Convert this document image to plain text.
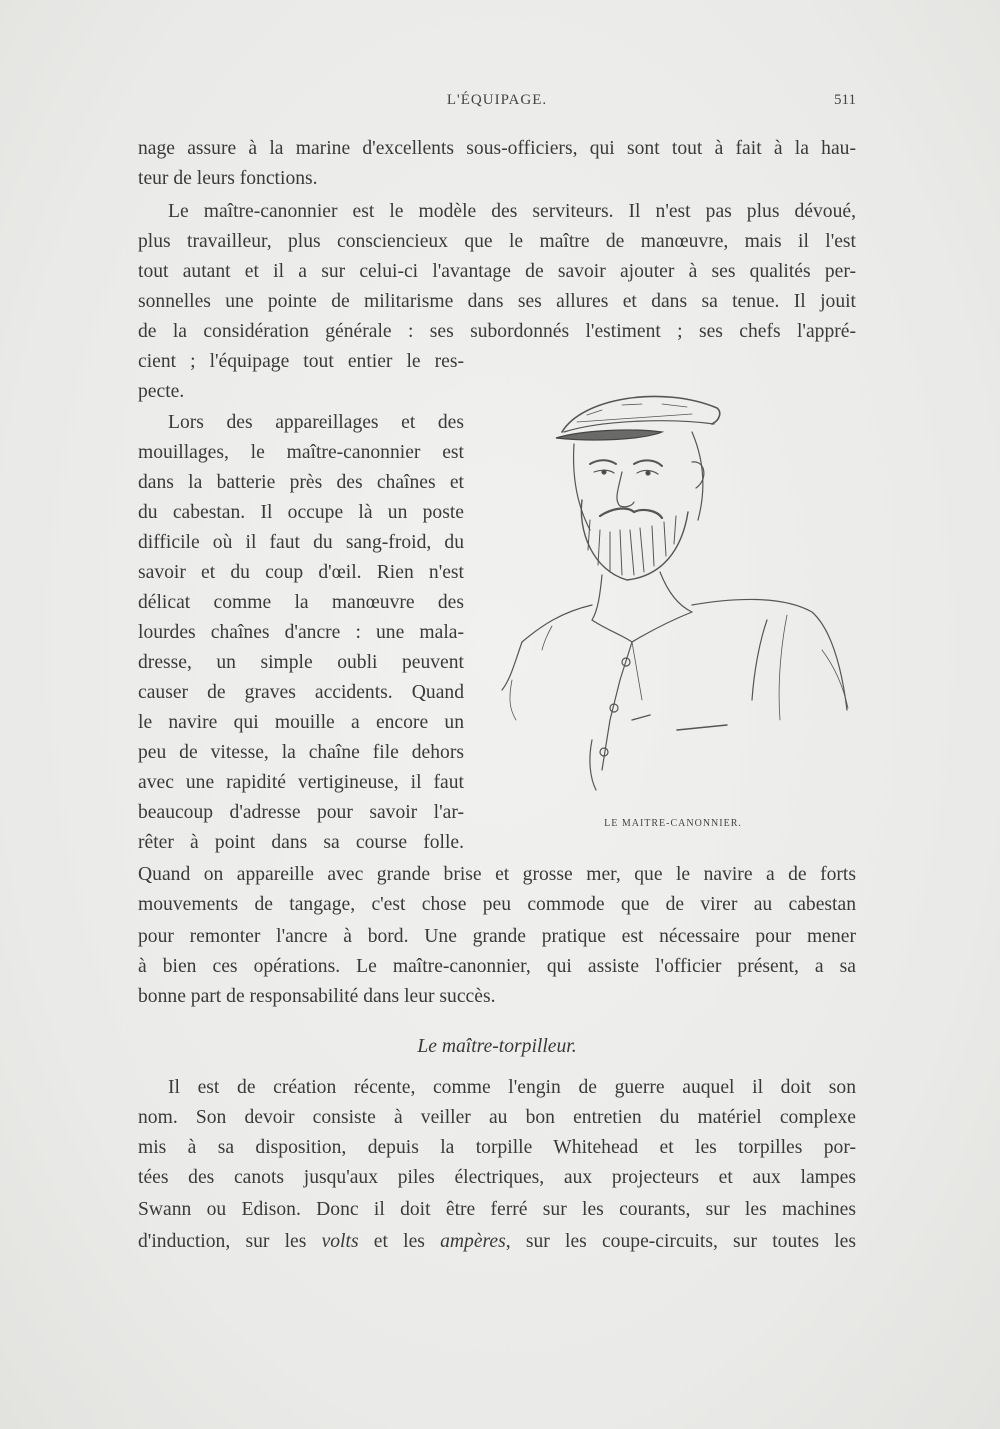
L'ÉQUIPAGE.	511
nage assure à la marine d'excellents sous-officiers, qui sont tout à fait à la hau-
teur de leurs fonctions.
Le maître-canonnier est le modèle des serviteurs. Il n'est pas plus dévoué,
plus travailleur, plus consciencieux que le maître de manœuvre, mais il l'est
tout autant et il a sur celui-ci l'avantage de savoir ajouter à ses qualités per-
sonnelles une pointe de militarisme dans ses allures et dans sa tenue. Il jouit
de la considération générale : ses subordonnés l'estiment ; ses chefs l'appré-
cient ; l'équipage tout entier le res-
pecte.
Lors des appareillages et des
mouillages, le maître-canonnier est
dans la batterie près des chaînes et
du cabestan. Il occupe là un poste
difficile où il faut du sang-froid, du
savoir et du coup d'œil. Rien n'est
délicat comme la manœuvre des
lourdes chaînes d'ancre : une mala-
dresse, un simple oubli peuvent
causer de graves accidents. Quand
le navire qui mouille a encore un
peu de vitesse, la chaîne file dehors
avec une rapidité vertigineuse, il faut
beaucoup d'adresse pour savoir l'ar-
rêter à point dans sa course folle.
Quand on appareille avec grande brise et grosse mer, que le navire a de forts
mouvements de tangage, c'est chose peu commode que de virer au cabestan
pour remonter l'ancre à bord. Une grande pratique est nécessaire pour mener
à bien ces opérations. Le maître-canonnier, qui assiste l'officier présent, a sa
bonne part de responsabilité dans leur succès.
LE MAITRE-CANONNIER.
Le maître-torpilleur.
Il est de création récente, comme l'engin de guerre auquel il doit son
nom. Son devoir consiste à veiller au bon entretien du matériel complexe
mis à sa disposition, depuis la torpille Whitehead et les torpilles por-
tées des canots jusqu'aux piles électriques, aux projecteurs et aux lampes
Swann ou Edison. Donc il doit être ferré sur les courants, sur les machines
d'induction, sur les volts et les ampères, sur les coupe-circuits, sur toutes les
